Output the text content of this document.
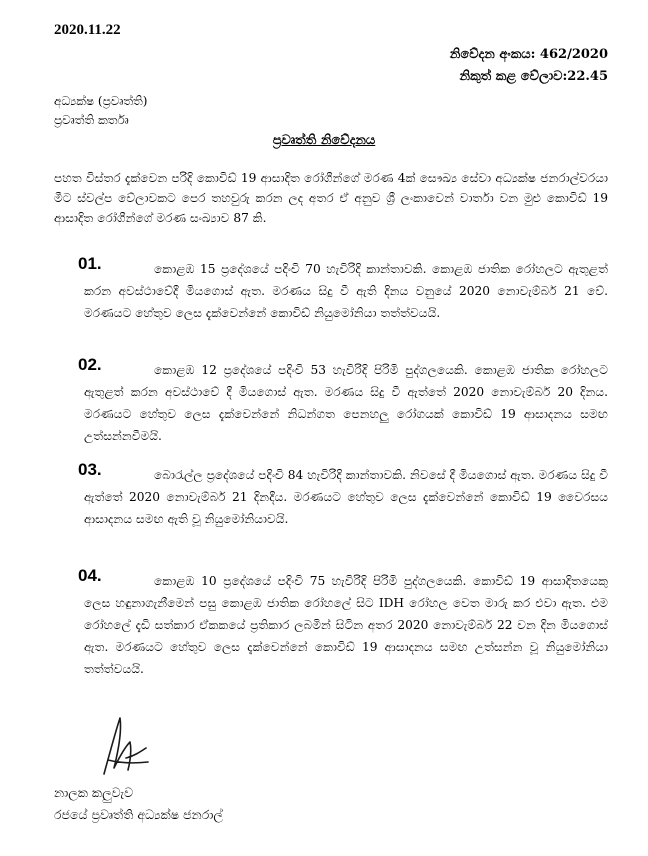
2020.11.22
නිවේදන අංකය: 462/2020
නිකුත් කළ වේලාව:22.45
අධ්‍යක්ෂ (ප්‍රවෘත්ති)
ප්‍රවෘත්ති කර්තෘ
ප්‍රවෘත්ති නිවේදනය
පහත විස්තර දැක්වෙන පරිදි කොවිඩ් 19 ආසාදිත රෝගීන්ගේ මරණ 4ක් සෞඛ්‍ය සේවා අධ්‍යක්ෂ ජනරාල්වරයා මීට ස්වල්ප වේලාවකට පෙර තහවුරු කරන ලද අතර ඒ අනුව ශ්‍රී ලංකාවෙන් වාර්තා වන මුළු කොවිඩ් 19 ආසාදිත රෝගීන්ගේ මරණ සංඛ්‍යාව 87 කි.
01.	කොළඹ 15 ප්‍රදේශයේ පදිංචි 70 හැවිරිදි කාන්තාවකි. කොළඹ ජාතික රෝහලට ඇතුළත් කරන අවස්ථාවේදී මියගොස් ඇත. මරණය සිදු වී ඇති දිනය වනුයේ 2020 නොවැම්බර් 21 වේ. මරණයට හේතුව ලෙස දැක්වෙන්නේ කොවිඩ් නියුමෝනියා තත්ත්වයයි.
02.	කොළඹ 12 ප්‍රදේශයේ පදිංචි 53 හැවිරිදි පිරිමි පුද්ගලයෙකි. කොළඹ ජාතික රෝහලට ඇතුළත් කරන අවස්ථාවේ දී මියගොස් ඇත. මරණය සිදු වී ඇත්තේ 2020 නොවැම්බර් 20 දිනය. මරණයට හේතුව ලෙස දැක්වෙන්නේ නිධන්ගත පෙනහලු රෝගයක් කොවිඩ් 19 ආසාදනය සමඟ උත්සන්නවීමයි.
03.	බොරැල්ල ප්‍රදේශයේ පදිංචි 84 හැවිරිදි කාන්තාවකි. නිවසේ දී මියගොස් ඇත. මරණය සිදු වී ඇත්තේ 2020 නොවැම්බර් 21 දිනදීය. මරණයට හේතුව ලෙස දැක්වෙන්නේ කොවිඩ් 19 වෛරසය ආසාදනය සමඟ ඇති වූ නියුමෝනියාවයි.
04.	කොළඹ 10 ප්‍රදේශයේ පදිංචි 75 හැවිරිදි පිරිමි පුද්ගලයෙකි. කොවිඩ් 19 ආසාදිතයෙකු ලෙස හඳුනාගැනීමෙන් පසු කොළඹ ජාතික රෝහලේ සිට IDH රෝහල වෙත මාරු කර එවා ඇත. එම රෝහලේ දැඩි සත්කාර ඒකකයේ ප්‍රතිකාර ලබමින් සිටින අතර 2020 නොවැම්බර් 22 වන දින මියගොස් ඇත. මරණයට හේතුව ලෙස දැක්වෙන්නේ කොවිඩ් 19 ආසාදනය සමඟ උත්සන්න වූ නියුමෝනියා තත්ත්වයයි.
නාලක කලුවැව
රජයේ ප්‍රවෘත්ති අධ්‍යක්ෂ ජනරාල්
